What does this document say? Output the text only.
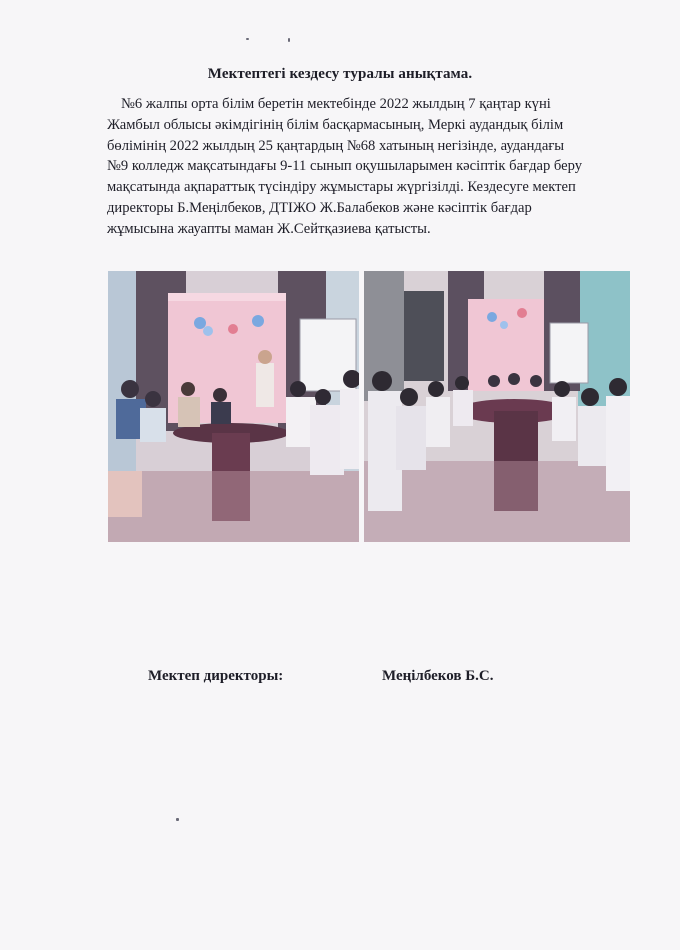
Мектептегі кездесу туралы анықтама.
№6 жалпы орта білім беретін мектебінде 2022 жылдың 7 қаңтар күні
Жамбыл облысы әкімдігінің білім басқармасының, Меркі аудандық білім
бөлімінің 2022 жылдың 25 қаңтардың №68 хатының негізінде, аудандағы
№9 колледж мақсатындағы 9-11 сынып оқушыларымен кәсіптік бағдар беру
мақсатында ақпараттық түсіндіру жұмыстары жүргізілді. Кездесуге мектеп
директоры Б.Меңілбеков, ДТІЖО Ж.Балабеков және кәсіптік бағдар
жұмысына жауапты маман Ж.Сейтқазиева қатысты.
Мектеп директоры:	Меңілбеков Б.С.
